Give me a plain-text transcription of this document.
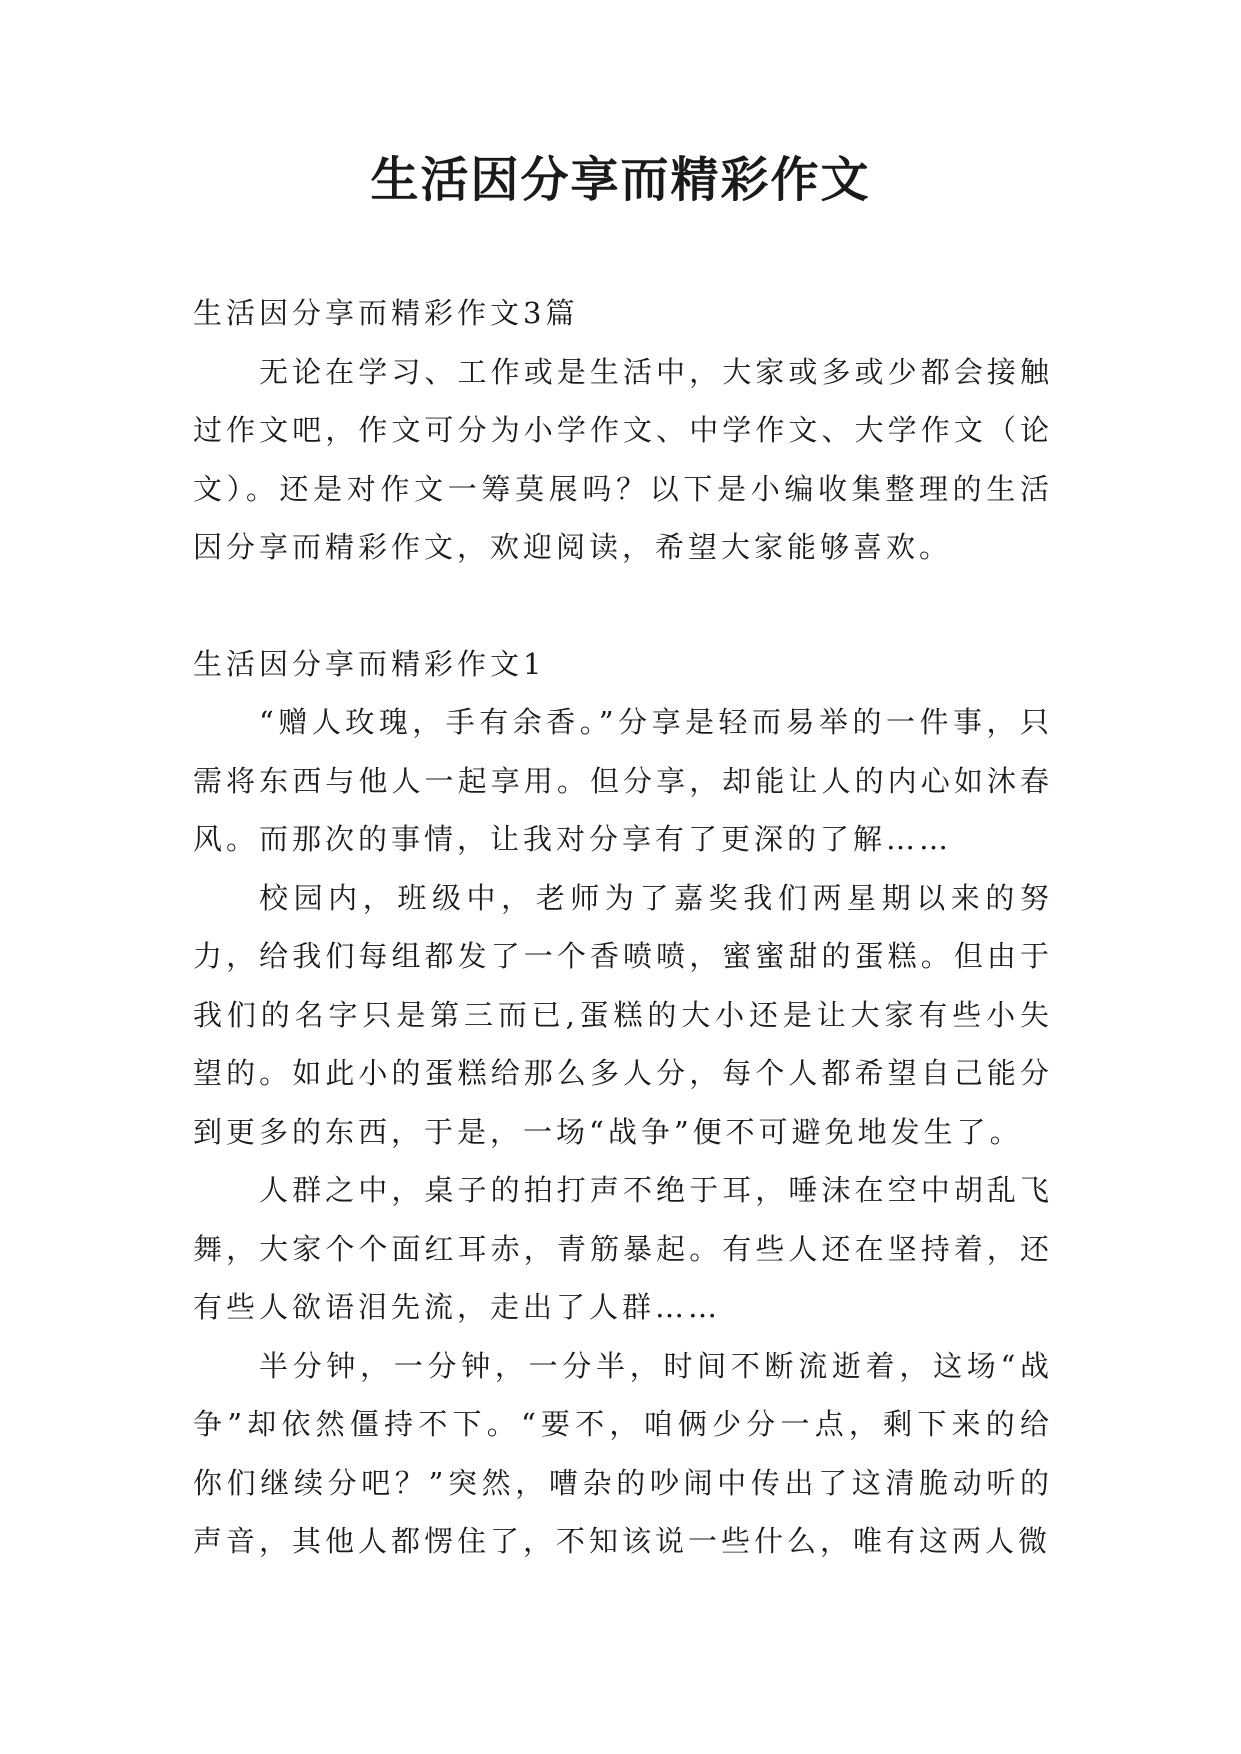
生活因分享而精彩作文

生活因分享而精彩作文3篇

无论在学习、工作或是生活中，大家或多或少都会接触过作文吧，作文可分为小学作文、中学作文、大学作文（论文）。还是对作文一筹莫展吗？以下是小编收集整理的生活因分享而精彩作文，欢迎阅读，希望大家能够喜欢。

生活因分享而精彩作文1

“赠人玫瑰，手有余香。”分享是轻而易举的一件事，只需将东西与他人一起享用。但分享，却能让人的内心如沐春风。而那次的事情，让我对分享有了更深的了解……

校园内，班级中，老师为了嘉奖我们两星期以来的努力，给我们每组都发了一个香喷喷，蜜蜜甜的蛋糕。但由于我们的名字只是第三而已,蛋糕的大小还是让大家有些小失望的。如此小的蛋糕给那么多人分，每个人都希望自己能分到更多的东西，于是，一场“战争”便不可避免地发生了。

人群之中，桌子的拍打声不绝于耳，唾沫在空中胡乱飞舞，大家个个面红耳赤，青筋暴起。有些人还在坚持着，还有些人欲语泪先流，走出了人群……

半分钟，一分钟，一分半，时间不断流逝着，这场“战争”却依然僵持不下。“要不，咱俩少分一点，剩下来的给你们继续分吧？”突然，嘈杂的吵闹中传出了这清脆动听的声音，其他人都愣住了，不知该说一些什么，唯有这两人微
